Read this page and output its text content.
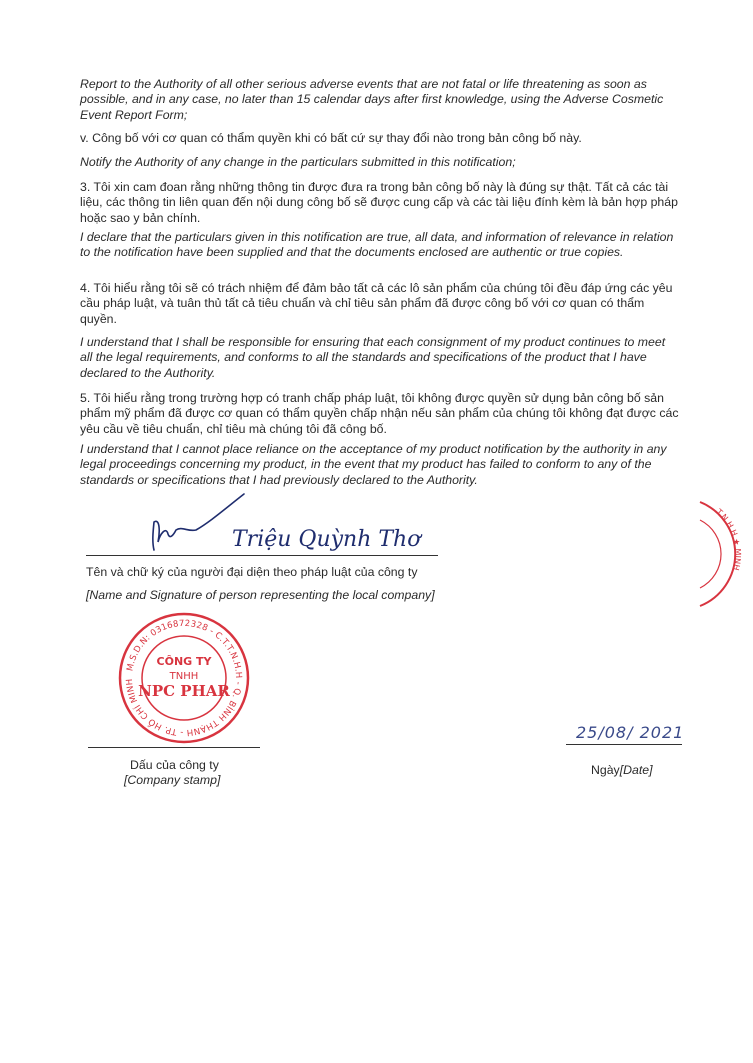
Report to the Authority of all other serious adverse events that are not fatal or life threatening as soon as possible, and in any case, no later than 15 calendar days after first knowledge, using the Adverse Cosmetic Event Report Form;

v. Công bố với cơ quan có thẩm quyền khi có bất cứ sự thay đổi nào trong bản công bố này.

Notify the Authority of any change in the particulars submitted in this notification;

3. Tôi xin cam đoan rằng những thông tin được đưa ra trong bản công bố này là đúng sự thật. Tất cả các tài liệu, các thông tin liên quan đến nội dung công bố sẽ được cung cấp và các tài liệu đính kèm là bản hợp pháp hoặc sao y bản chính.

I declare that the particulars given in this notification are true, all data, and information of relevance in relation to the notification have been supplied and that the documents enclosed are authentic or true copies.

4. Tôi hiểu rằng tôi sẽ có trách nhiệm để đảm bảo tất cả các lô sản phẩm của chúng tôi đều đáp ứng các yêu cầu pháp luật, và tuân thủ tất cả tiêu chuẩn và chỉ tiêu sản phẩm đã được công bố với cơ quan có thẩm quyền.

I understand that I shall be responsible for ensuring that each consignment of my product continues to meet all the legal requirements, and conforms to all the standards and specifications of the product that I have declared to the Authority.

5. Tôi hiểu rằng trong trường hợp có tranh chấp pháp luật, tôi không được quyền sử dụng bản công bố sản phẩm mỹ phẩm đã được cơ quan có thẩm quyền chấp nhận nếu sản phẩm của chúng tôi không đạt được các yêu cầu về tiêu chuẩn, chỉ tiêu mà chúng tôi đã công bố.

I understand that I cannot place reliance on the acceptance of my product notification by the authority in any legal proceedings concerning my product, in the event that my product has failed to conform to any of the standards or specifications that I had previously declared to the Authority.

Triệu Quỳnh Thơ

Tên và chữ ký của người đại diện theo pháp luật của công ty

[Name and Signature of person representing the local company]

M.S.D.N: 0316872328 - C.T.T.N.H.H - Q. BÌNH THẠNH - TP. HỒ CHÍ MINH
CÔNG TY
TNHH
NPC PHAR

Dấu của công ty

[Company stamp]

T.N.H.H ★ MINH
25/08/ 2021

Ngày[Date]
